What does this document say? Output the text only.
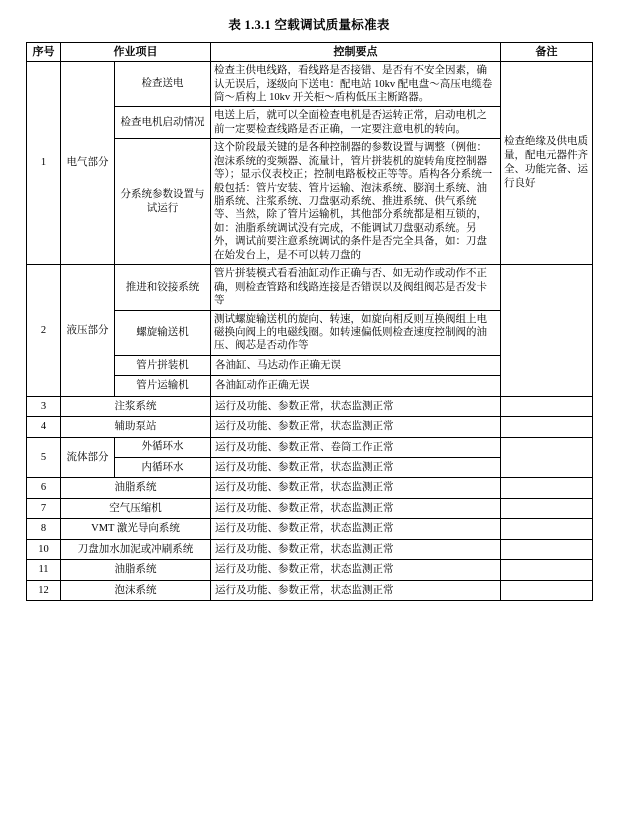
表 1.3.1 空载调试质量标准表
序号	作业项目		控制要点	备注
1	电气部分	检查送电	检查主供电线路，看线路是否接错、是否有不安全因素，确认无误后，逐级向下送电：配电站 10kv 配电盘～高压电缆卷筒～盾构上 10kv 开关柜～盾构低压主断路器。	检查绝缘及供电质量，配电元器件齐全、功能完备、运行良好
		检查电机启动情况	电送上后，就可以全面检查电机是否运转正常，启动电机之前一定要检查线路是否正确，一定要注意电机的转向。	
		分系统参数设置与试运行	这个阶段最关键的是各种控制器的参数设置与调整（例他：泡沫系统的变频器、流量计，管片拼装机的旋转角度控制器等）；显示仪表校正；控制电路板校正等等。盾构各分系统一般包括：管片安装、管片运输、泡沫系统、膨润土系统、油脂系统、注浆系统、刀盘驱动系统、推进系统、供气系统等、当然，除了管片运输机，其他部分系统都是相互锁的，如：油脂系统调试没有完成，不能调试刀盘驱动系统。另外，调试前要注意系统调试的条件是否完全具备，如：刀盘在始发台上，是不可以转刀盘的	
2	液压部分	推进和铰接系统	管片拼装模式看看油缸动作正确与否、如无动作或动作不正确，则检查管路和线路连接是否错误以及阀组阀芯是否发卡等	
		螺旋输送机	测试螺旋输送机的旋向、转速，如旋向相反则互换阀组上电磁换向阀上的电磁线圈。如转速偏低则检查速度控制阀的油压、阀芯是否动作等	
		管片拼装机	各油缸、马达动作正确无误	
		管片运输机	各油缸动作正确无误	
3	注浆系统		运行及功能、参数正常，状态监测正常	
4	辅助泵站		运行及功能、参数正常，状态监测正常	
5	流体部分	外循环水	运行及功能、参数正常、卷筒工作正常	
		内循环水	运行及功能、参数正常，状态监测正常	
6	油脂系统		运行及功能、参数正常，状态监测正常	
7	空气压缩机		运行及功能、参数正常，状态监测正常	
8	VMT 激光导向系统		运行及功能、参数正常，状态监测正常	
10	刀盘加水加泥或冲刷系统		运行及功能、参数正常，状态监测正常	
11	油脂系统		运行及功能、参数正常，状态监测正常	
12	泡沫系统		运行及功能、参数正常，状态监测正常	
